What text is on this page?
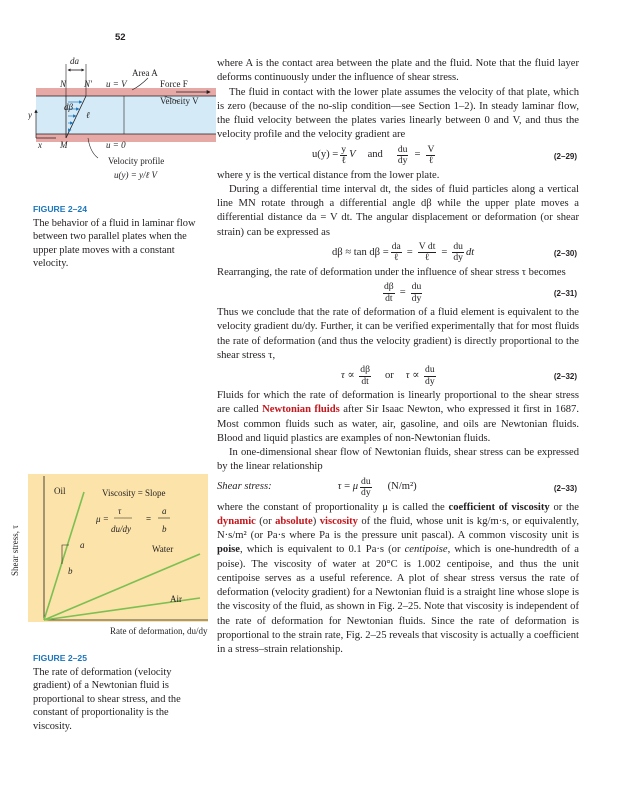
52
da
Area A
N N′ u = V	Force F
Velocity V
dβ
ℓ
y
x M	u = 0
Velocity profile
u(y) = y/ℓ V
FIGURE 2–24
The behavior of a fluid in laminar flow between two parallel plates when the upper plate moves with a constant velocity.
Oil	Viscosity = Slope
μ =
τ
du/dy
a
b
a
b
Water
Air
Rate of deformation, du/dy
Shear stress, τ
=
FIGURE 2–25
The rate of deformation (velocity gradient) of a Newtonian fluid is proportional to shear stress, and the constant of proportionality is the viscosity.

where A is the contact area between the plate and the fluid. Note that the fluid layer deforms continuously under the influence of shear stress.

The fluid in contact with the lower plate assumes the velocity of that plate, which is zero (because of the no-slip condition—see Section 1–2). In steady laminar flow, the fluid velocity between the plates varies linearly between 0 and V, and thus the velocity profile and the velocity gradient are

$u(y) = \frac{y}{\text{ℓ}}$ V and $\frac{du}{dy} = \frac{V}{\text{ℓ}}$	(2–29)

where y is the vertical distance from the lower plate.

During a differential time interval dt, the sides of fluid particles along a vertical line MN rotate through a differential angle dβ while the upper plate moves a differential distance da = V dt. The angular displacement or deformation (or shear strain) can be expressed as

$d\beta \approx \tan d\beta = \frac{da}{\text{ℓ}} = \frac{\text{V dt}}{\text{ℓ}} = \frac{du}{dy}$ dt	(2–30)

Rearranging, the rate of deformation under the influence of shear stress τ becomes

$\frac{d\beta}{dt} = \frac{du}{dy}$	(2–31)

Thus we conclude that the rate of deformation of a fluid element is equivalent to the velocity gradient du/dy. Further, it can be verified experimentally that for most fluids the rate of deformation (and thus the velocity gradient) is directly proportional to the shear stress τ,

$\tau \propto \frac{d\beta}{dt}$ or $\tau \propto \frac{du}{dy}$	(2–32)

Fluids for which the rate of deformation is linearly proportional to the shear stress are called Newtonian fluids after Sir Isaac Newton, who expressed it first in 1687. Most common fluids such as water, air, gasoline, and oils are Newtonian fluids. Blood and liquid plastics are examples of non-Newtonian fluids.

In one-dimensional shear flow of Newtonian fluids, shear stress can be expressed by the linear relationship

Shear stress:	τ = μ $\frac{du}{dy} (N/m^2)$	(2–33)

where the constant of proportionality μ is called the coefficient of viscosity or the dynamic (or absolute) viscosity of the fluid, whose unit is kg/m·s, or equivalently, N·s/m² (or Pa·s where Pa is the pressure unit pascal). A common viscosity unit is poise, which is equivalent to 0.1 Pa·s (or centipoise, which is one-hundredth of a poise). The viscosity of water at 20°C is 1.002 centipoise, and thus the unit centipoise serves as a useful reference. A plot of shear stress versus the rate of deformation (velocity gradient) for a Newtonian fluid is a straight line whose slope is the viscosity of the fluid, as shown in Fig. 2–25. Note that viscosity is independent of the rate of deformation for Newtonian fluids. Since the rate of deformation is proportional to the strain rate, Fig. 2–25 reveals that viscosity is actually a coefficient in a stress–strain relationship.
